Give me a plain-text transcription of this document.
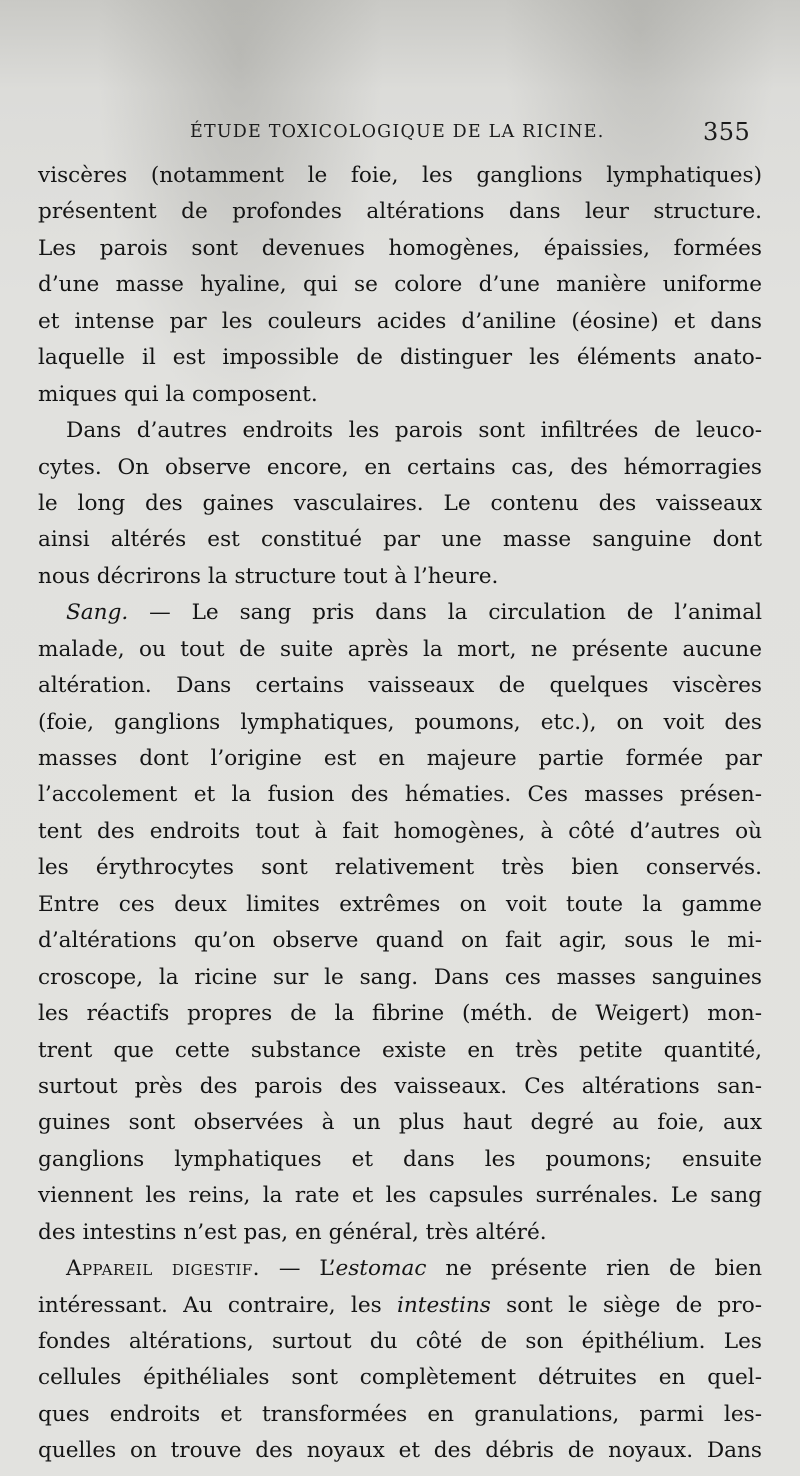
ÉTUDE TOXICOLOGIQUE DE LA RICINE.	355
viscères (notamment le foie, les ganglions lymphatiques)
présentent de profondes altérations dans leur structure.
Les parois sont devenues homogènes, épaissies, formées
d’une masse hyaline, qui se colore d’une manière uniforme
et intense par les couleurs acides d’aniline (éosine) et dans
laquelle il est impossible de distinguer les éléments anato-
miques qui la composent.
Dans d’autres endroits les parois sont infiltrées de leuco-
cytes. On observe encore, en certains cas, des hémorragies
le long des gaines vasculaires. Le contenu des vaisseaux
ainsi altérés est constitué par une masse sanguine dont
nous décrirons la structure tout à l’heure.
Sang. — Le sang pris dans la circulation de l’animal
malade, ou tout de suite après la mort, ne présente aucune
altération. Dans certains vaisseaux de quelques viscères
(foie, ganglions lymphatiques, poumons, etc.), on voit des
masses dont l’origine est en majeure partie formée par
l’accolement et la fusion des hématies. Ces masses présen-
tent des endroits tout à fait homogènes, à côté d’autres où
les érythrocytes sont relativement très bien conservés.
Entre ces deux limites extrêmes on voit toute la gamme
d’altérations qu’on observe quand on fait agir, sous le mi-
croscope, la ricine sur le sang. Dans ces masses sanguines
les réactifs propres de la fibrine (méth. de Weigert) mon-
trent que cette substance existe en très petite quantité,
surtout près des parois des vaisseaux. Ces altérations san-
guines sont observées à un plus haut degré au foie, aux
ganglions lymphatiques et dans les poumons; ensuite
viennent les reins, la rate et les capsules surrénales. Le sang
des intestins n’est pas, en général, très altéré.
Appareil digestif. — L’estomac ne présente rien de bien
intéressant. Au contraire, les intestins sont le siège de pro-
fondes altérations, surtout du côté de son épithélium. Les
cellules épithéliales sont complètement détruites en quel-
ques endroits et transformées en granulations, parmi les-
quelles on trouve des noyaux et des débris de noyaux. Dans
